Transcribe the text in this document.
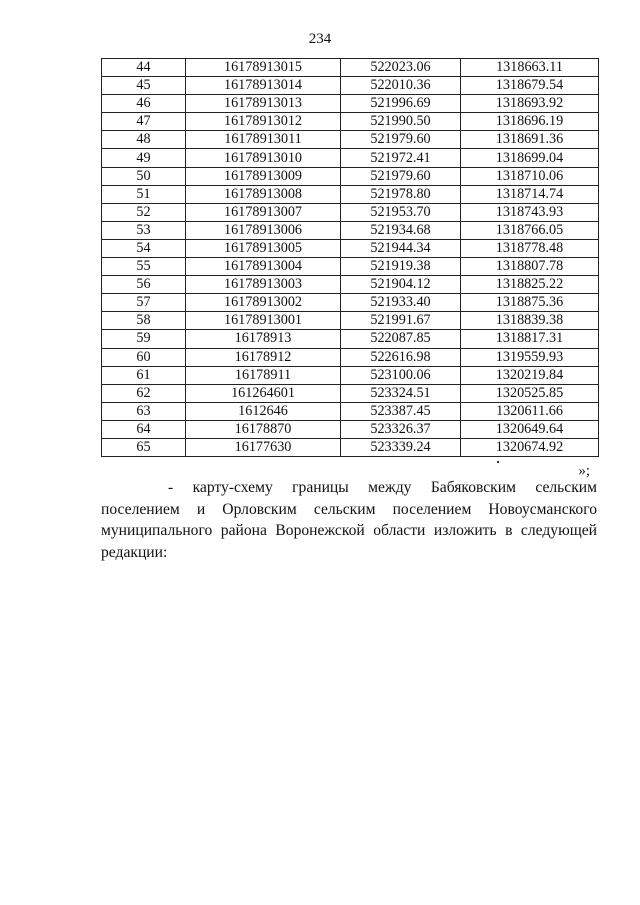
234
44	16178913015	522023.06	1318663.11
45	16178913014	522010.36	1318679.54
46	16178913013	521996.69	1318693.92
47	16178913012	521990.50	1318696.19
48	16178913011	521979.60	1318691.36
49	16178913010	521972.41	1318699.04
50	16178913009	521979.60	1318710.06
51	16178913008	521978.80	1318714.74
52	16178913007	521953.70	1318743.93
53	16178913006	521934.68	1318766.05
54	16178913005	521944.34	1318778.48
55	16178913004	521919.38	1318807.78
56	16178913003	521904.12	1318825.22
57	16178913002	521933.40	1318875.36
58	16178913001	521991.67	1318839.38
59	16178913	522087.85	1318817.31
60	16178912	522616.98	1319559.93
61	16178911	523100.06	1320219.84
62	161264601	523324.51	1320525.85
63	1612646	523387.45	1320611.66
64	16178870	523326.37	1320649.64
65	16177630	523339.24	1320674.92
»;

- карту-схему границы между Бабяковским сельским поселением и Орловским сельским поселением Новоусманского муниципального района Воронежской области изложить в следующей редакции:
